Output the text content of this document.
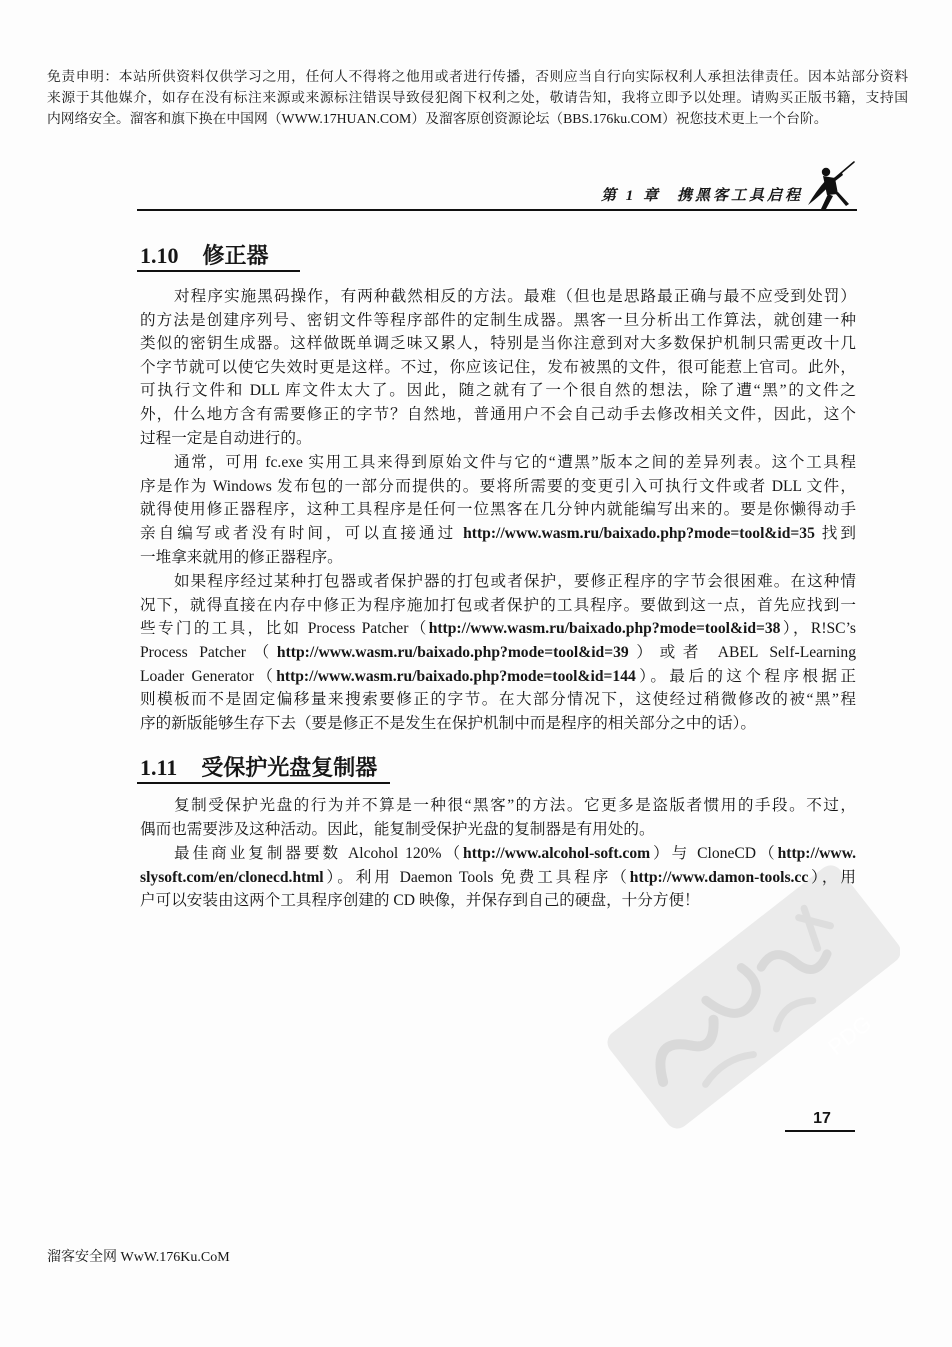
PDG
免责申明：本站所供资料仅供学习之用，任何人不得将之他用或者进行传播，否则应当自行向实际权利人承担法律责任。因本站部分资料
来源于其他媒介，如存在没有标注来源或来源标注错误导致侵犯阁下权利之处，敬请告知，我将立即予以处理。请购买正版书籍，支持国
内网络安全。溜客和旗下换在中国网（WWW.17HUAN.COM）及溜客原创资源论坛（BBS.176ku.COM）祝您技术更上一个台阶。
第 1 章 携黑客工具启程
1.10 修正器
对程序实施黑码操作，有两种截然相反的方法。最难（但也是思路最正确与最不应受到处罚）
的方法是创建序列号、密钥文件等程序部件的定制生成器。黑客一旦分析出工作算法，就创建一种
类似的密钥生成器。这样做既单调乏味又累人，特别是当你注意到对大多数保护机制只需更改十几
个字节就可以使它失效时更是这样。不过，你应该记住，发布被黑的文件，很可能惹上官司。此外，
可执行文件和 DLL 库文件太大了。因此，随之就有了一个很自然的想法，除了遭“黑”的文件之
外，什么地方含有需要修正的字节？自然地，普通用户不会自己动手去修改相关文件，因此，这个
过程一定是自动进行的。
通常，可用 fc.exe 实用工具来得到原始文件与它的“遭黑”版本之间的差异列表。这个工具程
序是作为 Windows 发布包的一部分而提供的。要将所需要的变更引入可执行文件或者 DLL 文件，
就得使用修正器程序，这种工具程序是任何一位黑客在几分钟内就能编写出来的。要是你懒得动手
亲自编写或者没有时间，可以直接通过 http://www.wasm.ru/baixado.php?mode=tool&id=35 找到
一堆拿来就用的修正器程序。
如果程序经过某种打包器或者保护器的打包或者保护，要修正程序的字节会很困难。在这种情
况下，就得直接在内存中修正为程序施加打包或者保护的工具程序。要做到这一点，首先应找到一
些专门的工具，比如 Process Patcher（http://www.wasm.ru/baixado.php?mode=tool&id=38），R!SC’s
Process Patcher（http://www.wasm.ru/baixado.php?mode=tool&id=39）或者 ABEL Self-Learning
Loader Generator（http://www.wasm.ru/baixado.php?mode=tool&id=144）。最后的这个程序根据正
则模板而不是固定偏移量来搜索要修正的字节。在大部分情况下，这使经过稍微修改的被“黑”程
序的新版能够生存下去（要是修正不是发生在保护机制中而是程序的相关部分之中的话）。
1.11 受保护光盘复制器
复制受保护光盘的行为并不算是一种很“黑客”的方法。它更多是盗版者惯用的手段。不过，
偶而也需要涉及这种活动。因此，能复制受保护光盘的复制器是有用处的。
最佳商业复制器要数 Alcohol 120%（http://www.alcohol-soft.com）与 CloneCD（http://www.
slysoft.com/en/clonecd.html）。利用 Daemon Tools 免费工具程序（http://www.damon-tools.cc），用
户可以安装由这两个工具程序创建的 CD 映像，并保存到自己的硬盘，十分方便！
17
溜客安全网 WwW.176Ku.CoM
